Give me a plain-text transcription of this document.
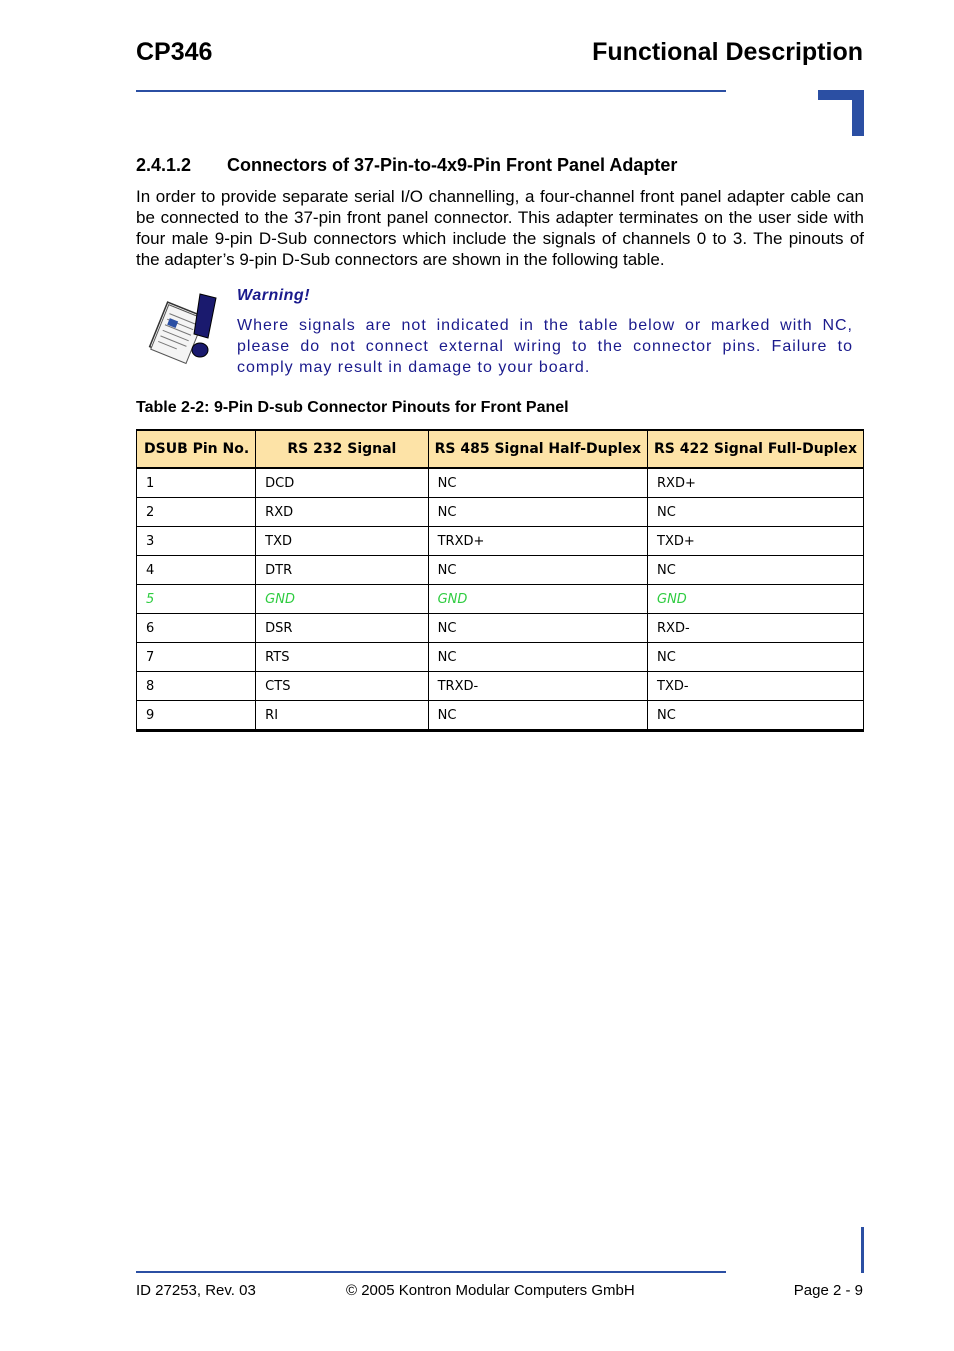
CP346	Functional Description
2.4.1.2 Connectors of 37-Pin-to-4x9-Pin Front Panel Adapter

In order to provide separate serial I/O channelling, a four-channel front panel adapter cable can be connected to the 37-pin front panel connector. This adapter terminates on the user side with four male 9-pin D-Sub connectors which include the signals of channels 0 to 3. The pinouts of the adapter’s 9-pin D-Sub connectors are shown in the following table.

Warning!

Where signals are not indicated in the table below or marked with NC, please do not connect external wiring to the connector pins. Failure to comply may result in damage to your board.

Table 2-2: 9-Pin D-sub Connector Pinouts for Front Panel
DSUB Pin No.	RS 232 Signal	RS 485 Signal Half-Duplex	RS 422 Signal Full-Duplex
1	DCD	NC	RXD+
2	RXD	NC	NC
3	TXD	TRXD+	TXD+
4	DTR	NC	NC
5	GND	GND	GND
6	DSR	NC	RXD-
7	RTS	NC	NC
8	CTS	TRXD-	TXD-
9	RI	NC	NC
ID 27253, Rev. 03	© 2005 Kontron Modular Computers GmbH	Page 2 - 9
